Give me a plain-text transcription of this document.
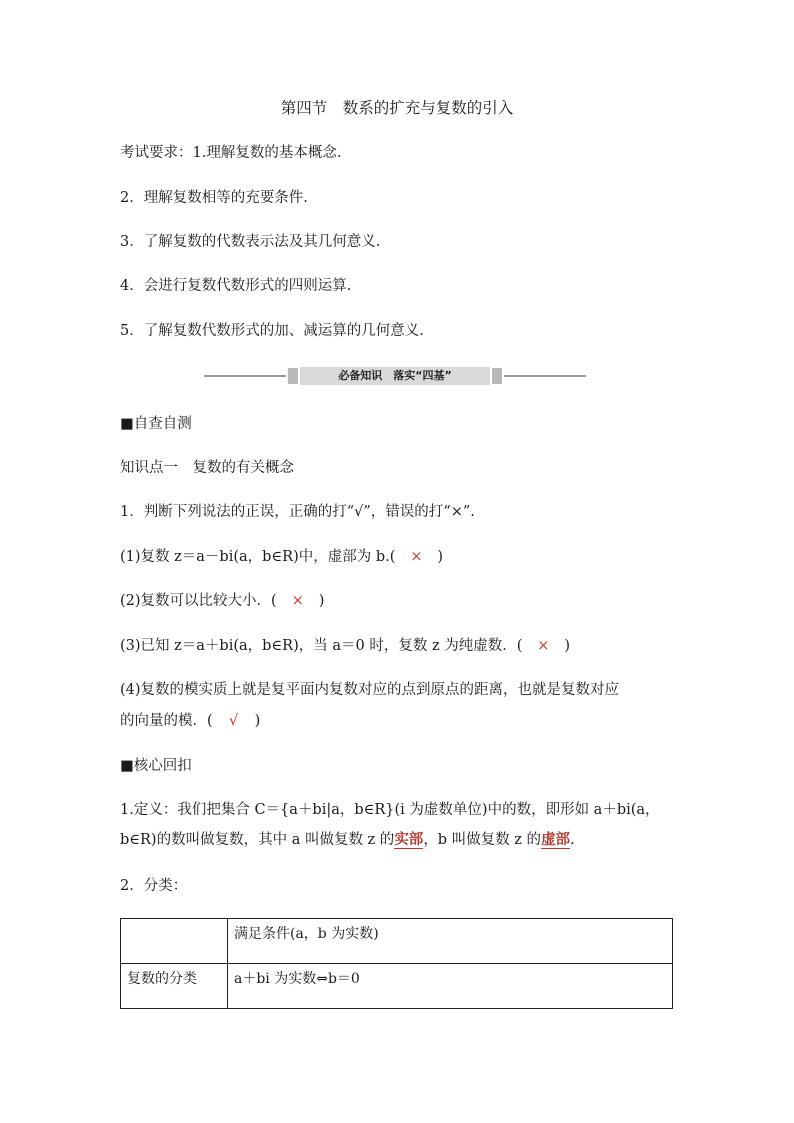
第四节　数系的扩充与复数的引入
考试要求：1.理解复数的基本概念.
2．理解复数相等的充要条件.
3．了解复数的代数表示法及其几何意义.
4．会进行复数代数形式的四则运算.
5．了解复数代数形式的加、减运算的几何意义.
必备知识　落实“四基”
■自查自测
知识点一　复数的有关概念
1．判断下列说法的正误，正确的打“√”，错误的打“×”.
(1)复数 z＝a－bi(a，b∈R)中，虚部为 b.( × )
(2)复数可以比较大小．( × )
(3)已知 z＝a＋bi(a，b∈R)，当 a＝0 时，复数 z 为纯虚数．( × )
(4)复数的模实质上就是复平面内复数对应的点到原点的距离，也就是复数对应
的向量的模．( √ )
■核心回扣
1.定义：我们把集合 C＝{a＋bi|a，b∈R}(i 为虚数单位)中的数，即形如 a＋bi(a，
b∈R)的数叫做复数，其中 a 叫做复数 z 的实部，b 叫做复数 z 的虚部.
2．分类：
	满足条件(a，b 为实数)
复数的分类	a＋bi 为实数⇔b＝0
